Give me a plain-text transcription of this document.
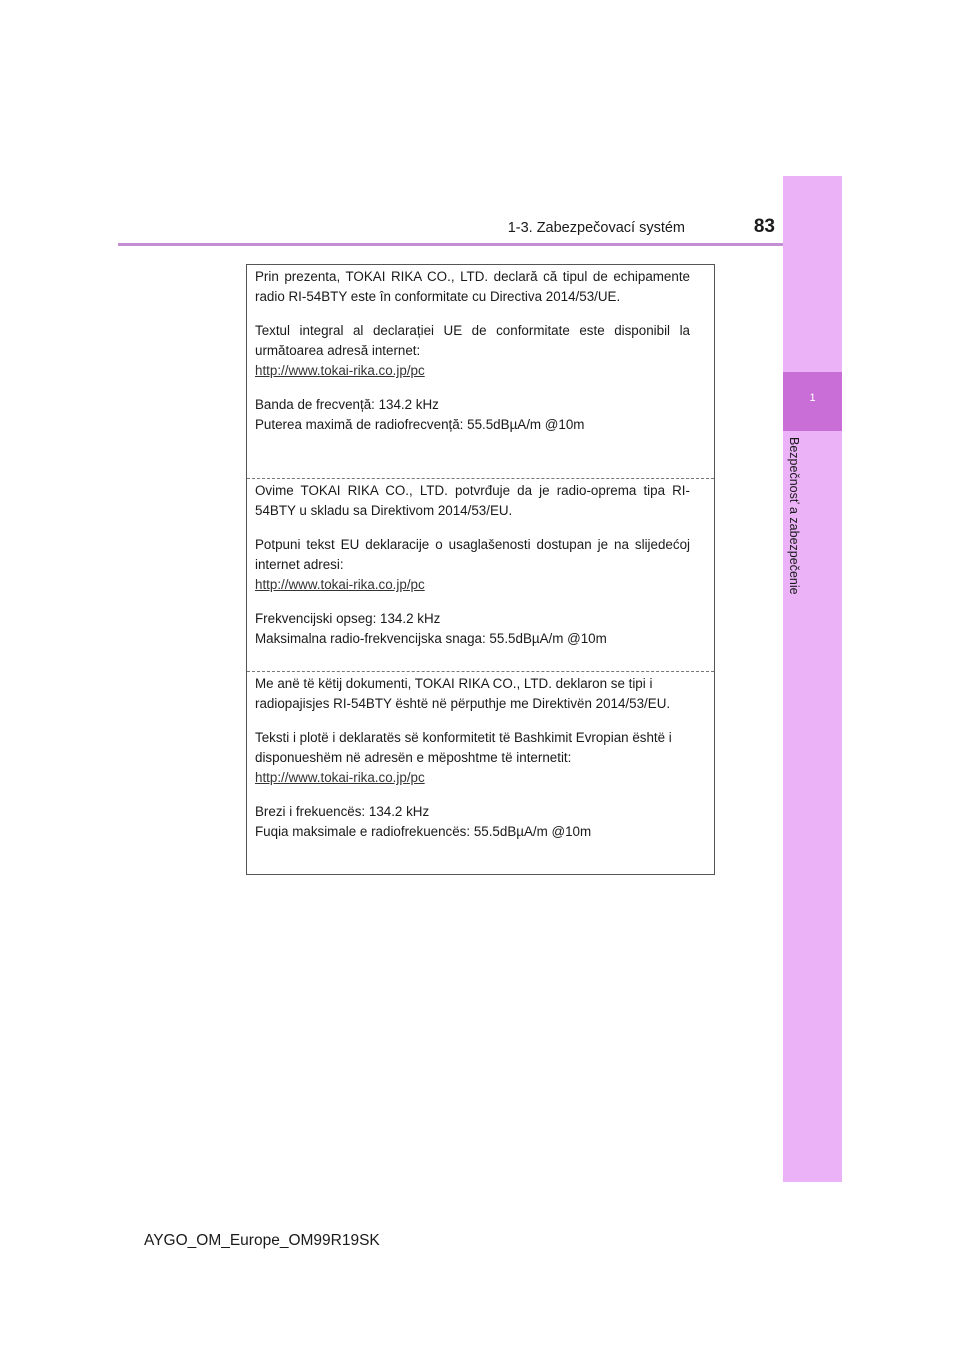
1-3. Zabezpečovací systém	83
1
Bezpečnosť a zabezpečenie

Prin prezenta, TOKAI RIKA CO., LTD. declară că tipul de echipamente radio RI-54BTY este în conformitate cu Directiva 2014/53/UE.

Textul integral al declarației UE de conformitate este disponibil la următoarea adresă internet:

http://www.tokai-rika.co.jp/pc

Banda de frecvență: 134.2 kHz

Puterea maximă de radiofrecvență: 55.5dBµA/m @10m

Ovime TOKAI RIKA CO., LTD. potvrđuje da je radio-oprema tipa RI-54BTY u skladu sa Direktivom 2014/53/EU.

Potpuni tekst EU deklaracije o usaglašenosti dostupan je na slijedećoj internet adresi:

http://www.tokai-rika.co.jp/pc

Frekvencijski opseg: 134.2 kHz

Maksimalna radio-frekvencijska snaga: 55.5dBµA/m @10m

Me anë të këtij dokumenti, TOKAI RIKA CO., LTD. deklaron se tipi i radiopajisjes RI-54BTY është në përputhje me Direktivën 2014/53/EU.

Teksti i plotë i deklaratës së konformitetit të Bashkimit Evropian është i disponueshëm në adresën e mëposhtme të internetit:

http://www.tokai-rika.co.jp/pc

Brezi i frekuencës: 134.2 kHz

Fuqia maksimale e radiofrekuencës: 55.5dBµA/m @10m

AYGO_OM_Europe_OM99R19SK
